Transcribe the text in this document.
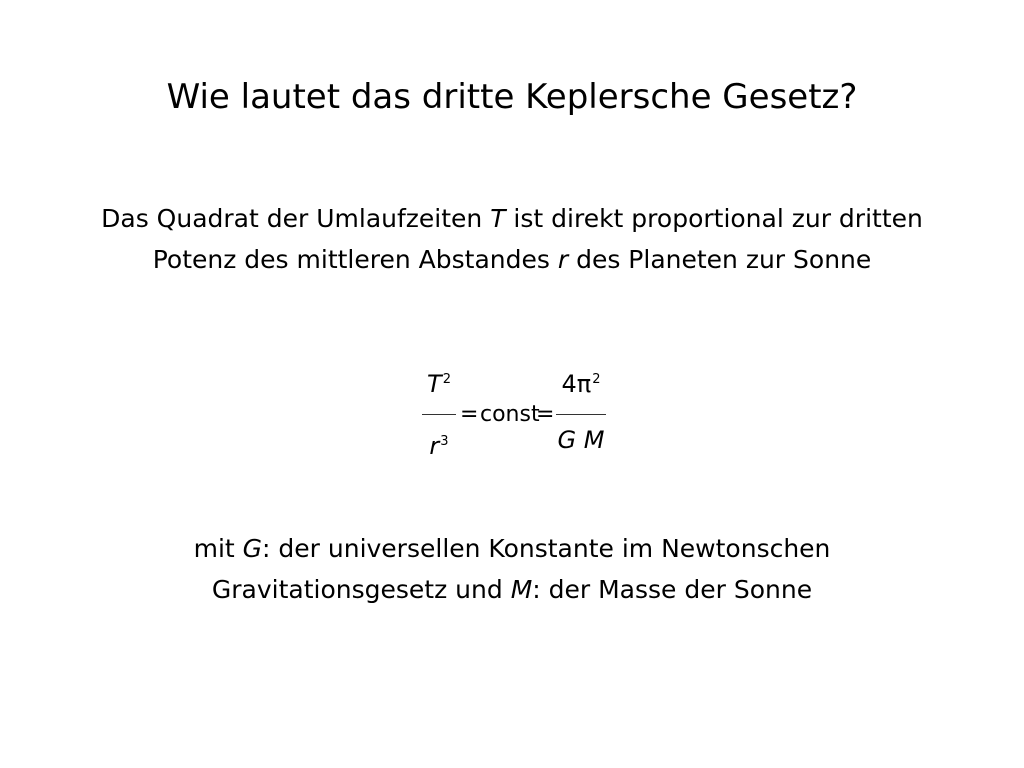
Wie lautet das dritte Keplersche Gesetz?

Das Quadrat der Umlaufzeiten T ist direkt proportional zur dritten
Potenz des mittleren Abstandes r des Planeten zur Sonne

$T^2$
$r^3$
= const
=
$4\pi^2$
G M

mit G: der universellen Konstante im Newtonschen
Gravitationsgesetz und M: der Masse der Sonne
